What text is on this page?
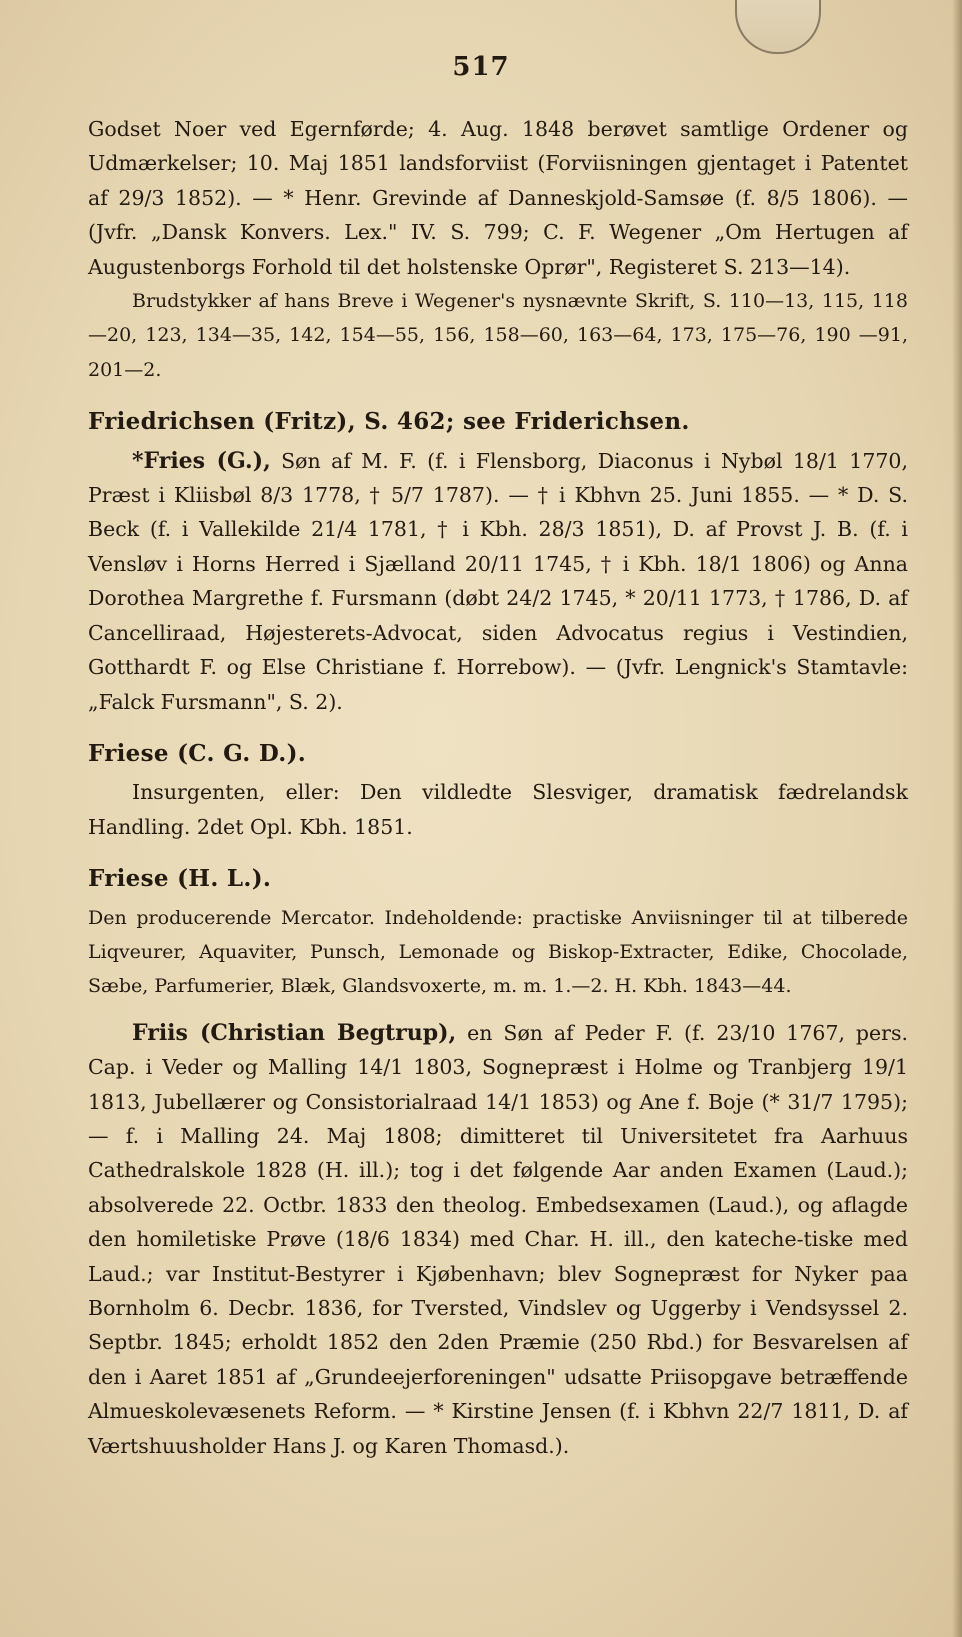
517

Godset Noer ved Egernførde; 4. Aug. 1848 berøvet samtlige Ordener og Udmærkelser; 10. Maj 1851 landsforviist (Forviisningen gjentaget i Patentet af 29/3 1852). — * Henr. Grevinde af Danneskjold-Samsøe (f. 8/5 1806). — (Jvfr. „Dansk Konvers. Lex." IV. S. 799; C. F. Wegener „Om Hertugen af Augustenborgs Forhold til det holstenske Oprør", Registeret S. 213—14).

Brudstykker af hans Breve i Wegener's nysnævnte Skrift, S. 110—13, 115, 118—20, 123, 134—35, 142, 154—55, 156, 158—60, 163—64, 173, 175—76, 190 —91, 201—2.

Friedrichsen (Fritz), S. 462; see Friderichsen.

*Fries (G.), Søn af M. F. (f. i Flensborg, Diaconus i Nybøl 18/1 1770, Præst i Kliisbøl 8/3 1778, † 5/7 1787). — † i Kbhvn 25. Juni 1855. — * D. S. Beck (f. i Vallekilde 21/4 1781, † i Kbh. 28/3 1851), D. af Provst J. B. (f. i Vensløv i Horns Herred i Sjælland 20/11 1745, † i Kbh. 18/1 1806) og Anna Dorothea Margrethe f. Fursmann (døbt 24/2 1745, * 20/11 1773, † 1786, D. af Cancelliraad, Højesterets-Advocat, siden Advocatus regius i Vestindien, Gotthardt F. og Else Christiane f. Horrebow). — (Jvfr. Lengnick's Stamtavle: „Falck Fursmann", S. 2).

Friese (C. G. D.).

Insurgenten, eller: Den vildledte Slesviger, dramatisk fædrelandsk Handling. 2det Opl. Kbh. 1851.

Friese (H. L.).

Den producerende Mercator. Indeholdende: practiske Anviisninger til at tilberede Liqveurer, Aquaviter, Punsch, Lemonade og Biskop-Extracter, Edike, Chocolade, Sæbe, Parfumerier, Blæk, Glandsvoxerte, m. m. 1.—2. H. Kbh. 1843—44.

Friis (Christian Begtrup), en Søn af Peder F. (f. 23/10 1767, pers. Cap. i Veder og Malling 14/1 1803, Sognepræst i Holme og Tranbjerg 19/1 1813, Jubellærer og Consistorialraad 14/1 1853) og Ane f. Boje (* 31/7 1795); — f. i Malling 24. Maj 1808; dimitteret til Universitetet fra Aarhuus Cathedralskole 1828 (H. ill.); tog i det følgende Aar anden Examen (Laud.); absolverede 22. Octbr. 1833 den theolog. Embedsexamen (Laud.), og aflagde den homiletiske Prøve (18/6 1834) med Char. H. ill., den kateche-tiske med Laud.; var Institut-Bestyrer i Kjøbenhavn; blev Sognepræst for Nyker paa Bornholm 6. Decbr. 1836, for Tversted, Vindslev og Uggerby i Vendsyssel 2. Septbr. 1845; erholdt 1852 den 2den Præmie (250 Rbd.) for Besvarelsen af den i Aaret 1851 af „Grundeejerforeningen" udsatte Priisopgave betræffende Almueskolevæsenets Reform. — * Kirstine Jensen (f. i Kbhvn 22/7 1811, D. af Værtshuusholder Hans J. og Karen Thomasd.).
